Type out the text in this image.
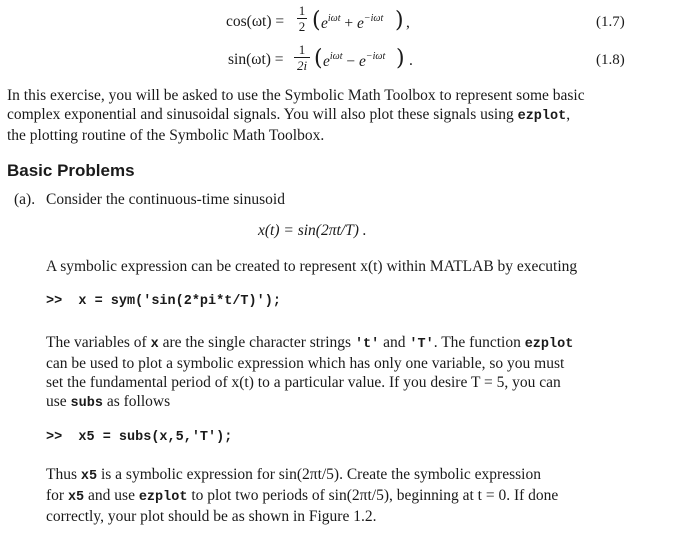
cos(ωt) =
1
2 ( $e^{i\omega t} + e^{-i\omega t}$ ) ,	(1.7)
sin(ωt) =
1
2i ( $e^{i\omega t} - e^{-i\omega t}$ ) .	(1.8)
In this exercise, you will be asked to use the Symbolic Math Toolbox to represent some basic
complex exponential and sinusoidal signals. You will also plot these signals using ezplot,
the plotting routine of the Symbolic Math Toolbox.
Basic Problems
(a). Consider the continuous-time sinusoid
x(t) = sin(2πt/T) .
A symbolic expression can be created to represent x(t) within MATLAB by executing
>> x = sym('sin(2*pi*t/T)');
The variables of x are the single character strings 't' and 'T'. The function ezplot
can be used to plot a symbolic expression which has only one variable, so you must
set the fundamental period of x(t) to a particular value. If you desire T = 5, you can
use subs as follows
>> x5 = subs(x,5,'T');
Thus x5 is a symbolic expression for sin(2πt/5). Create the symbolic expression
for x5 and use ezplot to plot two periods of sin(2πt/5), beginning at t = 0. If done
correctly, your plot should be as shown in Figure 1.2.
